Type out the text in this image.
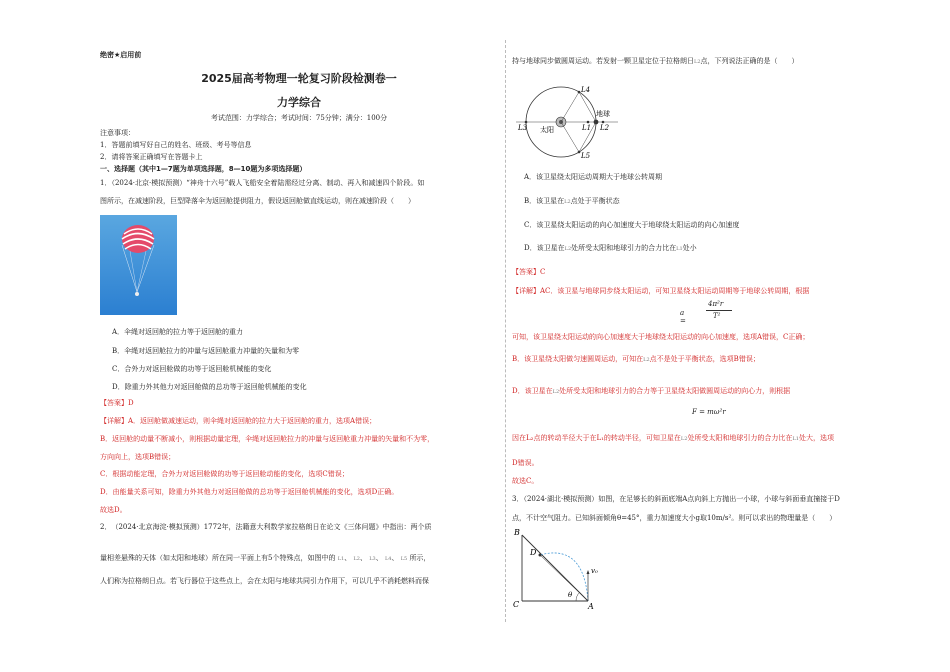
绝密★启用前
2025届高考物理一轮复习阶段检测卷一
力学综合
考试范围：力学综合；考试时间：75分钟；满分：100分
注意事项：
1．答题前填写好自己的姓名、班级、考号等信息
2．请将答案正确填写在答题卡上
一、选择题（其中1—7题为单项选择题，8—10题为多项选择题）
1．（2024·北京·模拟预测）“神舟十六号”载人飞船安全着陆需经过分离、制动、再入和减速四个阶段。如
图所示，在减速阶段，巨型降落伞为返回舱提供阻力，假设返回舱做直线运动，则在减速阶段（　　）
A．伞绳对返回舱的拉力等于返回舱的重力
B．伞绳对返回舱拉力的冲量与返回舱重力冲量的矢量和为零
C．合外力对返回舱做的功等于返回舱机械能的变化
D．除重力外其他力对返回舱做的总功等于返回舱机械能的变化
【答案】D
【详解】A．返回舱做减速运动，则伞绳对返回舱的拉力大于返回舱的重力，选项A错误；
B．返回舱的动量不断减小，则根据动量定理，伞绳对返回舱拉力的冲量与返回舱重力冲量的矢量和不为零，
方向向上，选项B错误；
C．根据动能定理，合外力对返回舱做的功等于返回舱动能的变化，选项C错误；
D．由能量关系可知，除重力外其他力对返回舱做的总功等于返回舱机械能的变化，选项D正确。
故选D。
2．　（2024·北京海淀·模拟预测）1772年，法籍意大利数学家拉格朗日在论文《三体问题》中指出：两个质
量相差悬殊的天体（如太阳和地球）所在同一平面上有5个特殊点，如图中的 L1、 L2、 L3、 L4、 L5 所示，
人们称为拉格朗日点。若飞行器位于这些点上，会在太阳与地球共同引力作用下，可以几乎不消耗燃料而保
持与地球同步做圆周运动。若发射一颗卫星定位于拉格朗日L2点，下列说法正确的是（　　）
L4
L5
L3	L1 L2
太阳
地球
A．该卫星绕太阳运动周期大于地球公转周期
B．该卫星在L2点处于平衡状态
C．该卫星绕太阳运动的向心加速度大于地球绕太阳运动的向心加速度
D．该卫星在L2处所受太阳和地球引力的合力比在L1处小
【答案】C
【详解】AC．该卫星与地球同步绕太阳运动，可知卫星绕太阳运动周期等于地球公转周期，根据
a =
4π²r
T²
可知，该卫星绕太阳运动的向心加速度大于地球绕太阳运动的向心加速度，选项A错误，C正确；
B．该卫星绕太阳做匀速圆周运动，可知在L2点不是处于平衡状态，选项B错误；
D．该卫星在L2处所受太阳和地球引力的合力等于卫星绕太阳做圆周运动的向心力，则根据
F = mω²r
因在L₂点的转动半径大于在L₁的转动半径，可知卫星在L2处所受太阳和地球引力的合力比在L1处大，选项
D错误。
故选C。
3．（2024·湖北·模拟预测）如图，在足够长的斜面底端A点向斜上方抛出一小球，小球与斜面垂直撞接于D
点，不计空气阻力。已知斜面倾角θ=45°，重力加速度大小g取10m/s²。则可以求出的物理量是（　　）
B
D
C	A
θ
v₀
